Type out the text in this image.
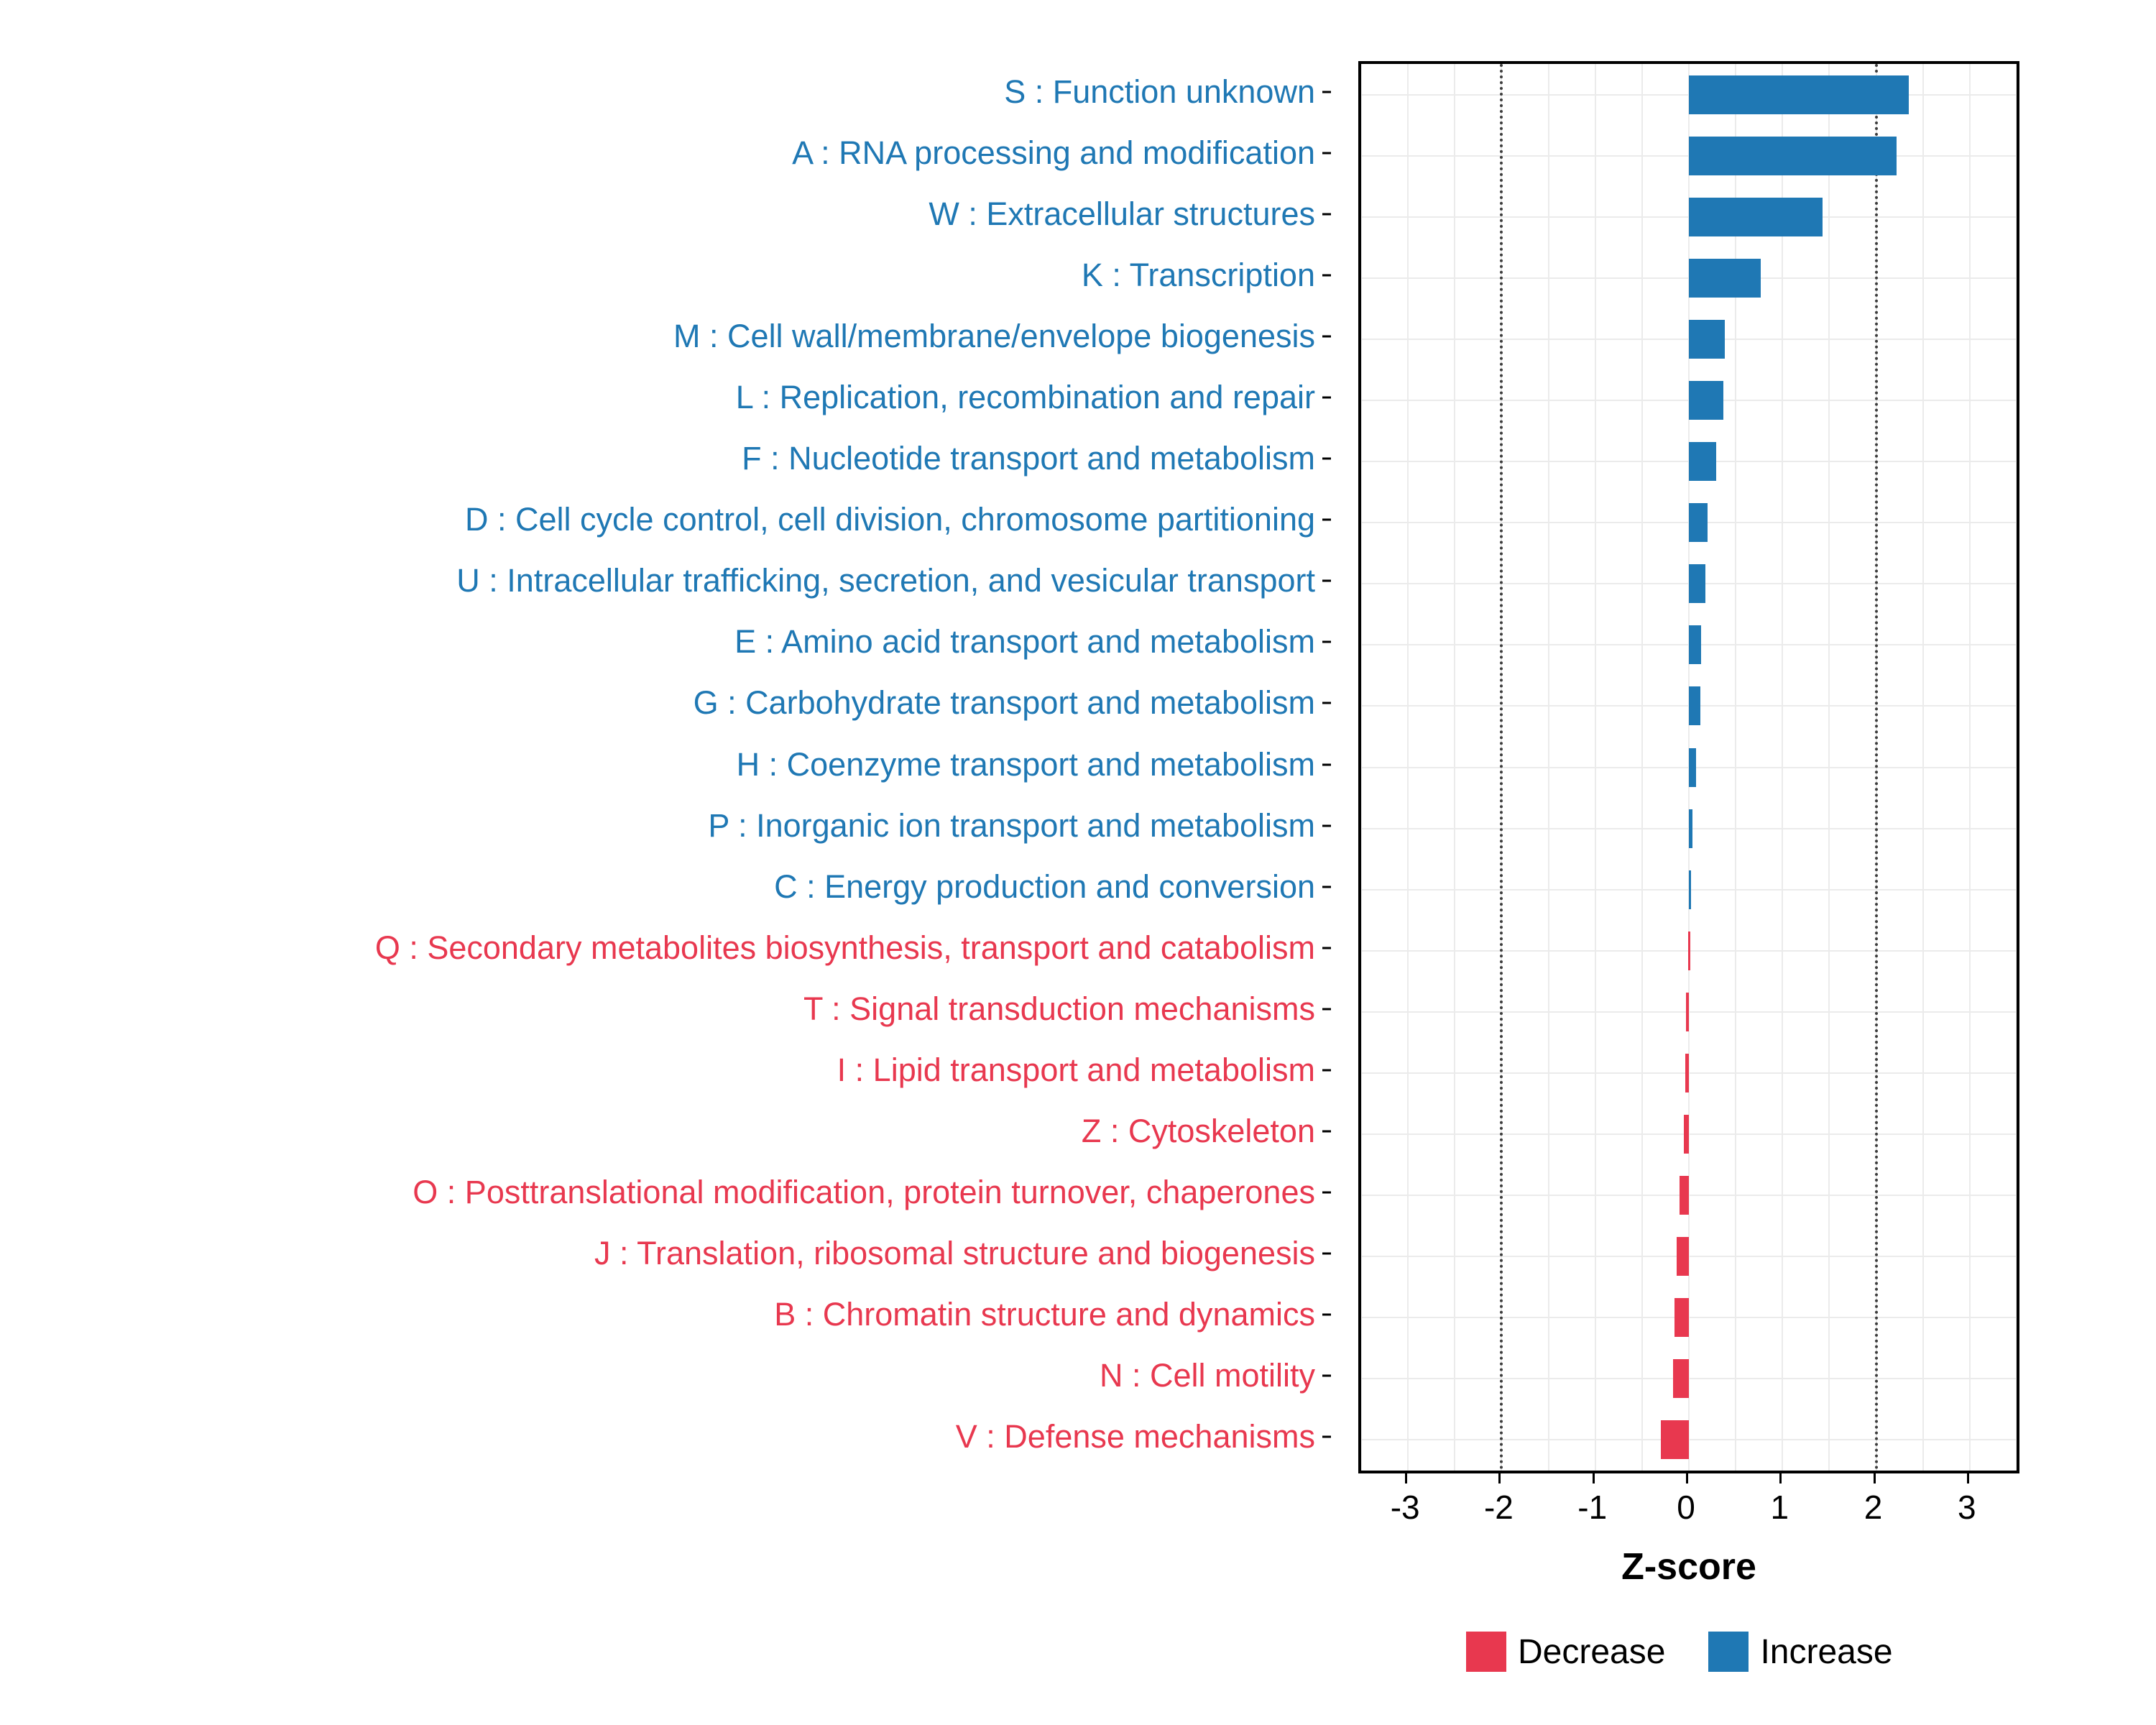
S : Function unknown
A : RNA processing and modification
W : Extracellular structures
K : Transcription
M : Cell wall/membrane/envelope biogenesis
L : Replication, recombination and repair
F : Nucleotide transport and metabolism
D : Cell cycle control, cell division, chromosome partitioning
U : Intracellular trafficking, secretion, and vesicular transport
E : Amino acid transport and metabolism
G : Carbohydrate transport and metabolism
H : Coenzyme transport and metabolism
P : Inorganic ion transport and metabolism
C : Energy production and conversion
Q : Secondary metabolites biosynthesis, transport and catabolism
T : Signal transduction mechanisms
I : Lipid transport and metabolism
Z : Cytoskeleton
O : Posttranslational modification, protein turnover, chaperones
J : Translation, ribosomal structure and biogenesis
B : Chromatin structure and dynamics
N : Cell motility
V : Defense mechanisms
-3 -2 -1 0 1 2 3
Z-score
Decrease	Increase
